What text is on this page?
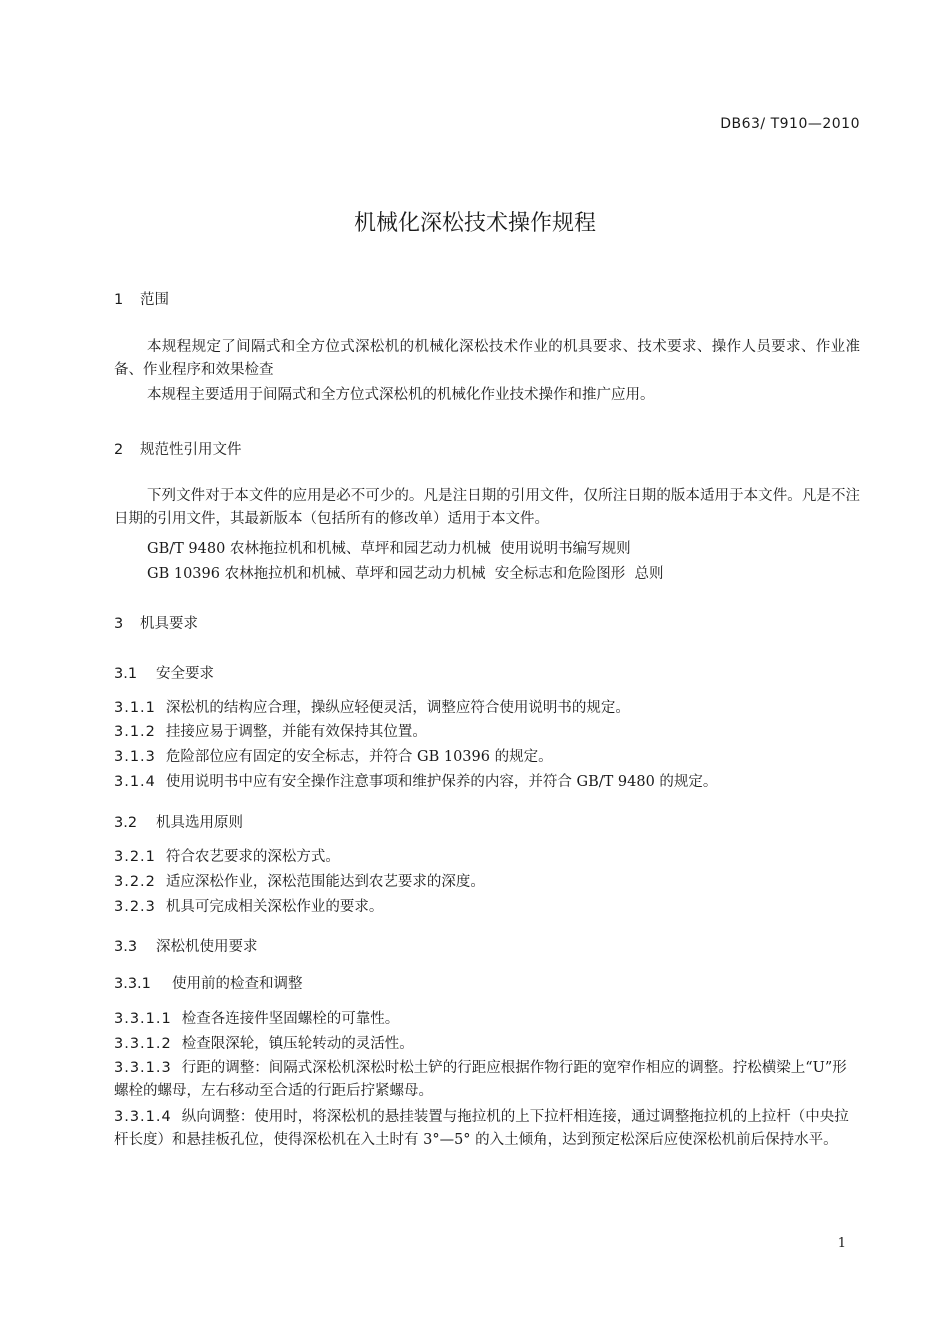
DB63/ T910—2010
机械化深松技术操作规程
1 范围
本规程规定了间隔式和全方位式深松机的机械化深松技术作业的机具要求、技术要求、操作人员要求、作业准备、作业程序和效果检查
本规程主要适用于间隔式和全方位式深松机的机械化作业技术操作和推广应用。
2 规范性引用文件
下列文件对于本文件的应用是必不可少的。凡是注日期的引用文件，仅所注日期的版本适用于本文件。凡是不注日期的引用文件，其最新版本（包括所有的修改单）适用于本文件。
GB/T 9480 农林拖拉机和机械、草坪和园艺动力机械  使用说明书编写规则
GB 10396 农林拖拉机和机械、草坪和园艺动力机械  安全标志和危险图形  总则
3 机具要求
3.1 安全要求
3.1.1 深松机的结构应合理，操纵应轻便灵活，调整应符合使用说明书的规定。
3.1.2 挂接应易于调整，并能有效保持其位置。
3.1.3 危险部位应有固定的安全标志，并符合 GB 10396 的规定。
3.1.4 使用说明书中应有安全操作注意事项和维护保养的内容，并符合 GB/T 9480 的规定。
3.2 机具选用原则
3.2.1 符合农艺要求的深松方式。
3.2.2 适应深松作业，深松范围能达到农艺要求的深度。
3.2.3 机具可完成相关深松作业的要求。
3.3 深松机使用要求
3.3.1 使用前的检查和调整
3.3.1.1 检查各连接件坚固螺栓的可靠性。
3.3.1.2 检查限深轮，镇压轮转动的灵活性。
3.3.1.3 行距的调整：间隔式深松机深松时松土铲的行距应根据作物行距的宽窄作相应的调整。拧松横梁上“U”形螺栓的螺母，左右移动至合适的行距后拧紧螺母。
3.3.1.4 纵向调整：使用时，将深松机的悬挂装置与拖拉机的上下拉杆相连接，通过调整拖拉机的上拉杆（中央拉杆长度）和悬挂板孔位，使得深松机在入土时有 3°—5° 的入土倾角，达到预定松深后应使深松机前后保持水平。
1
